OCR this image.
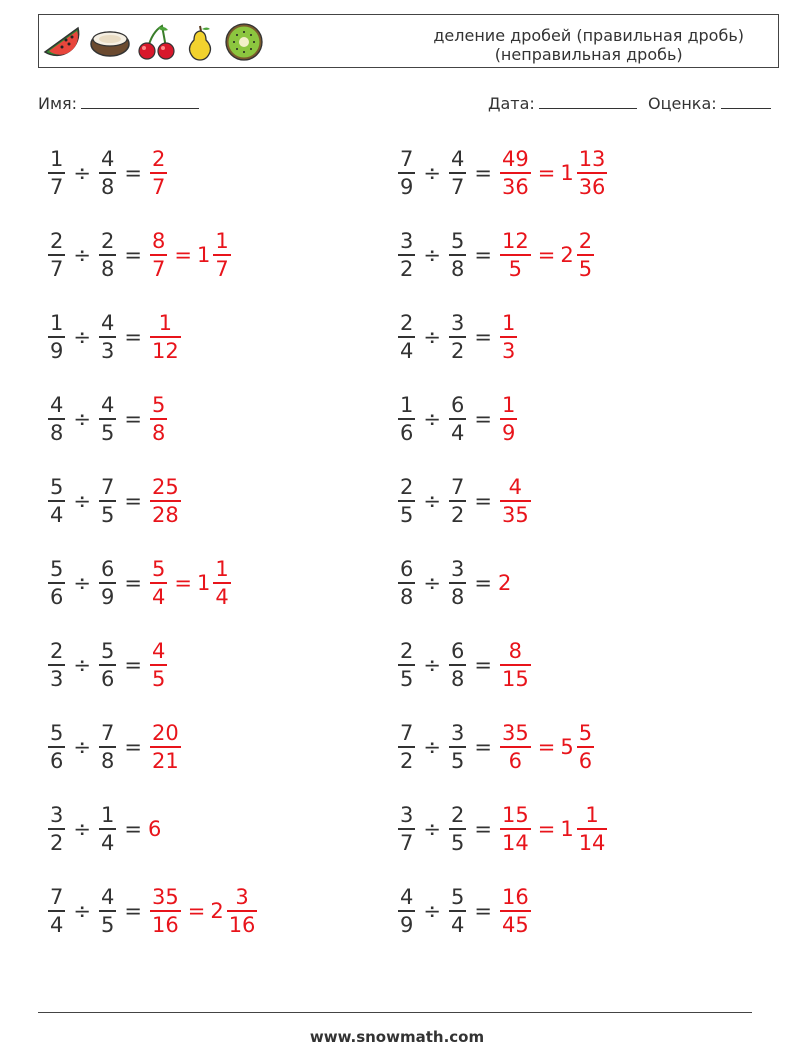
деление дробей (правильная дробь)
(неправильная дробь)
Имя:	Дата:	Оценка:
$\frac{1}{7} \div \frac{4}{8} = \frac{2}{7}$	$\frac{7}{9} \div \frac{4}{7} = \frac{49}{36} = 1 \frac{13}{36}$
$\frac{2}{7} \div \frac{2}{8} = \frac{8}{7} = 1 \frac{1}{7}$	$\frac{3}{2} \div \frac{5}{8} = \frac{12}{5} = 2 \frac{2}{5}$
$\frac{1}{9} \div \frac{4}{3} = \frac{1}{12}$	$\frac{2}{4} \div \frac{3}{2} = \frac{1}{3}$
$\frac{4}{8} \div \frac{4}{5} = \frac{5}{8}$	$\frac{1}{6} \div \frac{6}{4} = \frac{1}{9}$
$\frac{5}{4} \div \frac{7}{5} = \frac{25}{28}$	$\frac{2}{5} \div \frac{7}{2} = \frac{4}{35}$
$\frac{5}{6} \div \frac{6}{9} = \frac{5}{4} = 1 \frac{1}{4}$	$\frac{6}{8} \div \frac{3}{8} = 2$
$\frac{2}{3} \div \frac{5}{6} = \frac{4}{5}$	$\frac{2}{5} \div \frac{6}{8} = \frac{8}{15}$
$\frac{5}{6} \div \frac{7}{8} = \frac{20}{21}$	$\frac{7}{2} \div \frac{3}{5} = \frac{35}{6} = 5 \frac{5}{6}$
$\frac{3}{2} \div \frac{1}{4} = 6$	$\frac{3}{7} \div \frac{2}{5} = \frac{15}{14} = 1 \frac{1}{14}$
$\frac{7}{4} \div \frac{4}{5} = \frac{35}{16} = 2 \frac{3}{16}$	$\frac{4}{9} \div \frac{5}{4} = \frac{16}{45}$
www.snowmath.com
